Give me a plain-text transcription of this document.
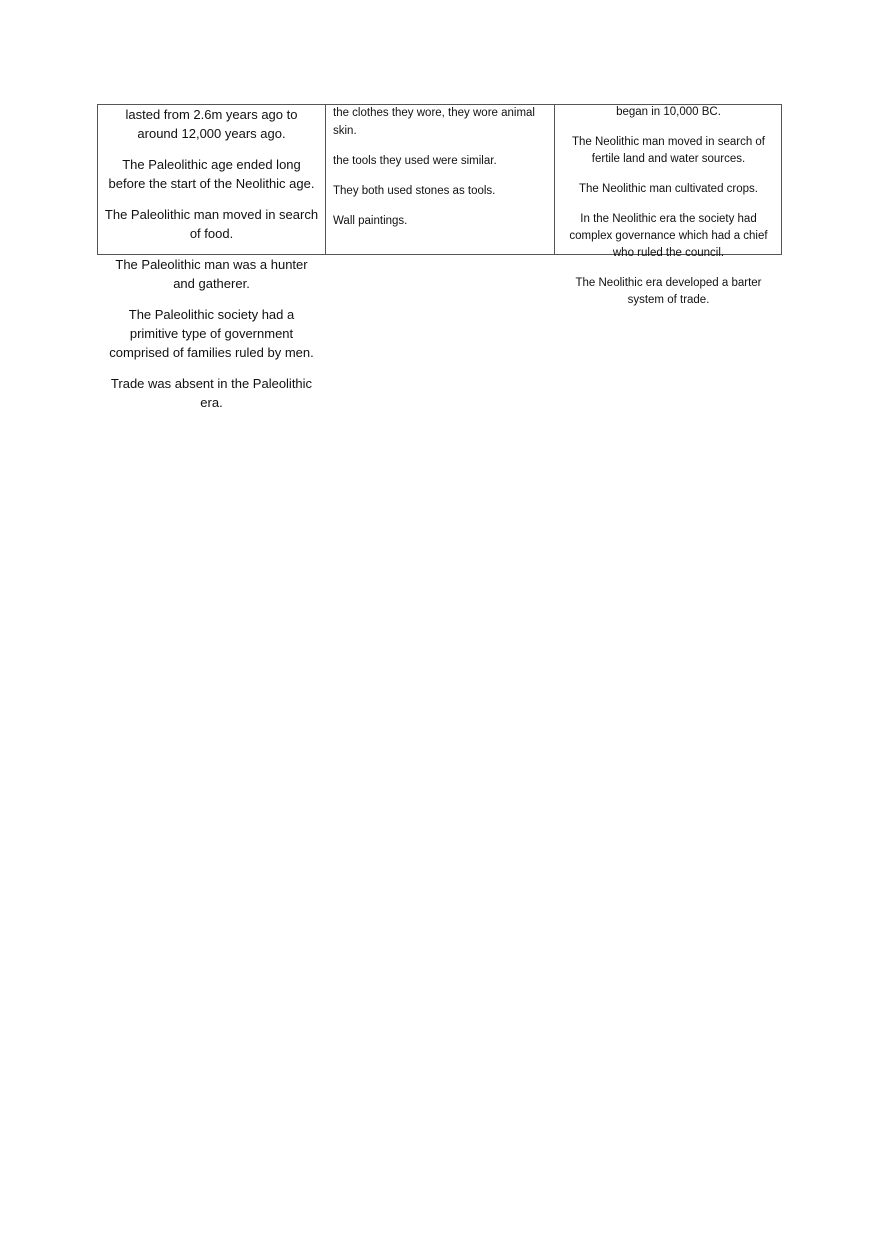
lasted from 2.6m years ago to around 12,000 years ago.

The Paleolithic age ended long before the start of the Neolithic age.

The Paleolithic man moved in search of food.

The Paleolithic man was a hunter and gatherer.

The Paleolithic society had a primitive type of government comprised of families ruled by men.

Trade was absent in the Paleolithic era.

the clothes they wore, they wore animal skin.

the tools they used were similar.

They both used stones as tools.

Wall paintings.

began in 10,000 BC.

The Neolithic man moved in search of fertile land and water sources.

The Neolithic man cultivated crops.

In the Neolithic era the society had complex governance which had a chief who ruled the council.

The Neolithic era developed a barter system of trade.
